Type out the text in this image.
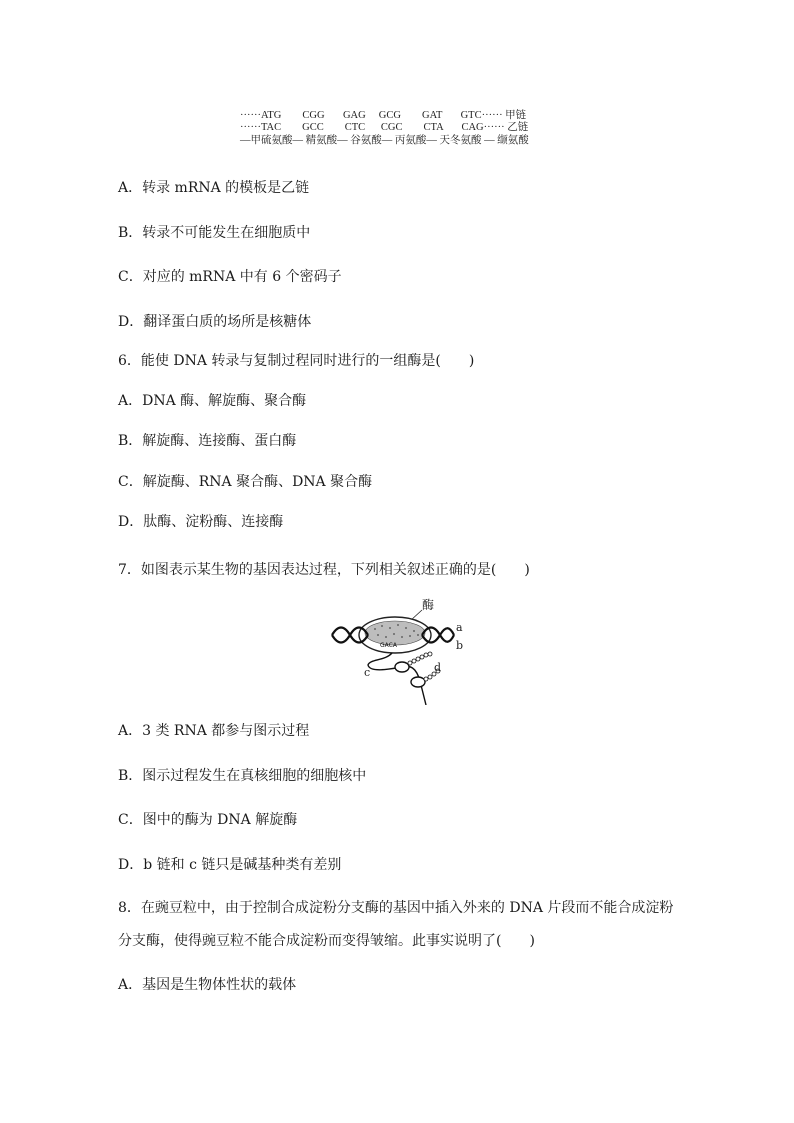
······ATG        CGG       GAG     GCG        GAT       GTC······ 甲链
······TAC        GCC        CTC      CGC        CTA       CAG······ 乙链
—甲硫氨酸— 精氨酸— 谷氨酸— 丙氨酸— 天冬氨酸 — 缬氨酸
A．转录 mRNA 的模板是乙链
B．转录不可能发生在细胞质中
C．对应的 mRNA 中有 6 个密码子
D．翻译蛋白质的场所是核糖体
6．能使 DNA 转录与复制过程同时进行的一组酶是(　　)
A．DNA 酶、解旋酶、聚合酶
B．解旋酶、连接酶、蛋白酶
C．解旋酶、RNA 聚合酶、DNA 聚合酶
D．肽酶、淀粉酶、连接酶
7．如图表示某生物的基因表达过程，下列相关叙述正确的是(　　)
酶
GACA
a
b
c	d
A．3 类 RNA 都参与图示过程
B．图示过程发生在真核细胞的细胞核中
C．图中的酶为 DNA 解旋酶
D．b 链和 c 链只是碱基种类有差别
8．在豌豆粒中，由于控制合成淀粉分支酶的基因中插入外来的 DNA 片段而不能合成淀粉
分支酶，使得豌豆粒不能合成淀粉而变得皱缩。此事实说明了(　　)
A．基因是生物体性状的载体
